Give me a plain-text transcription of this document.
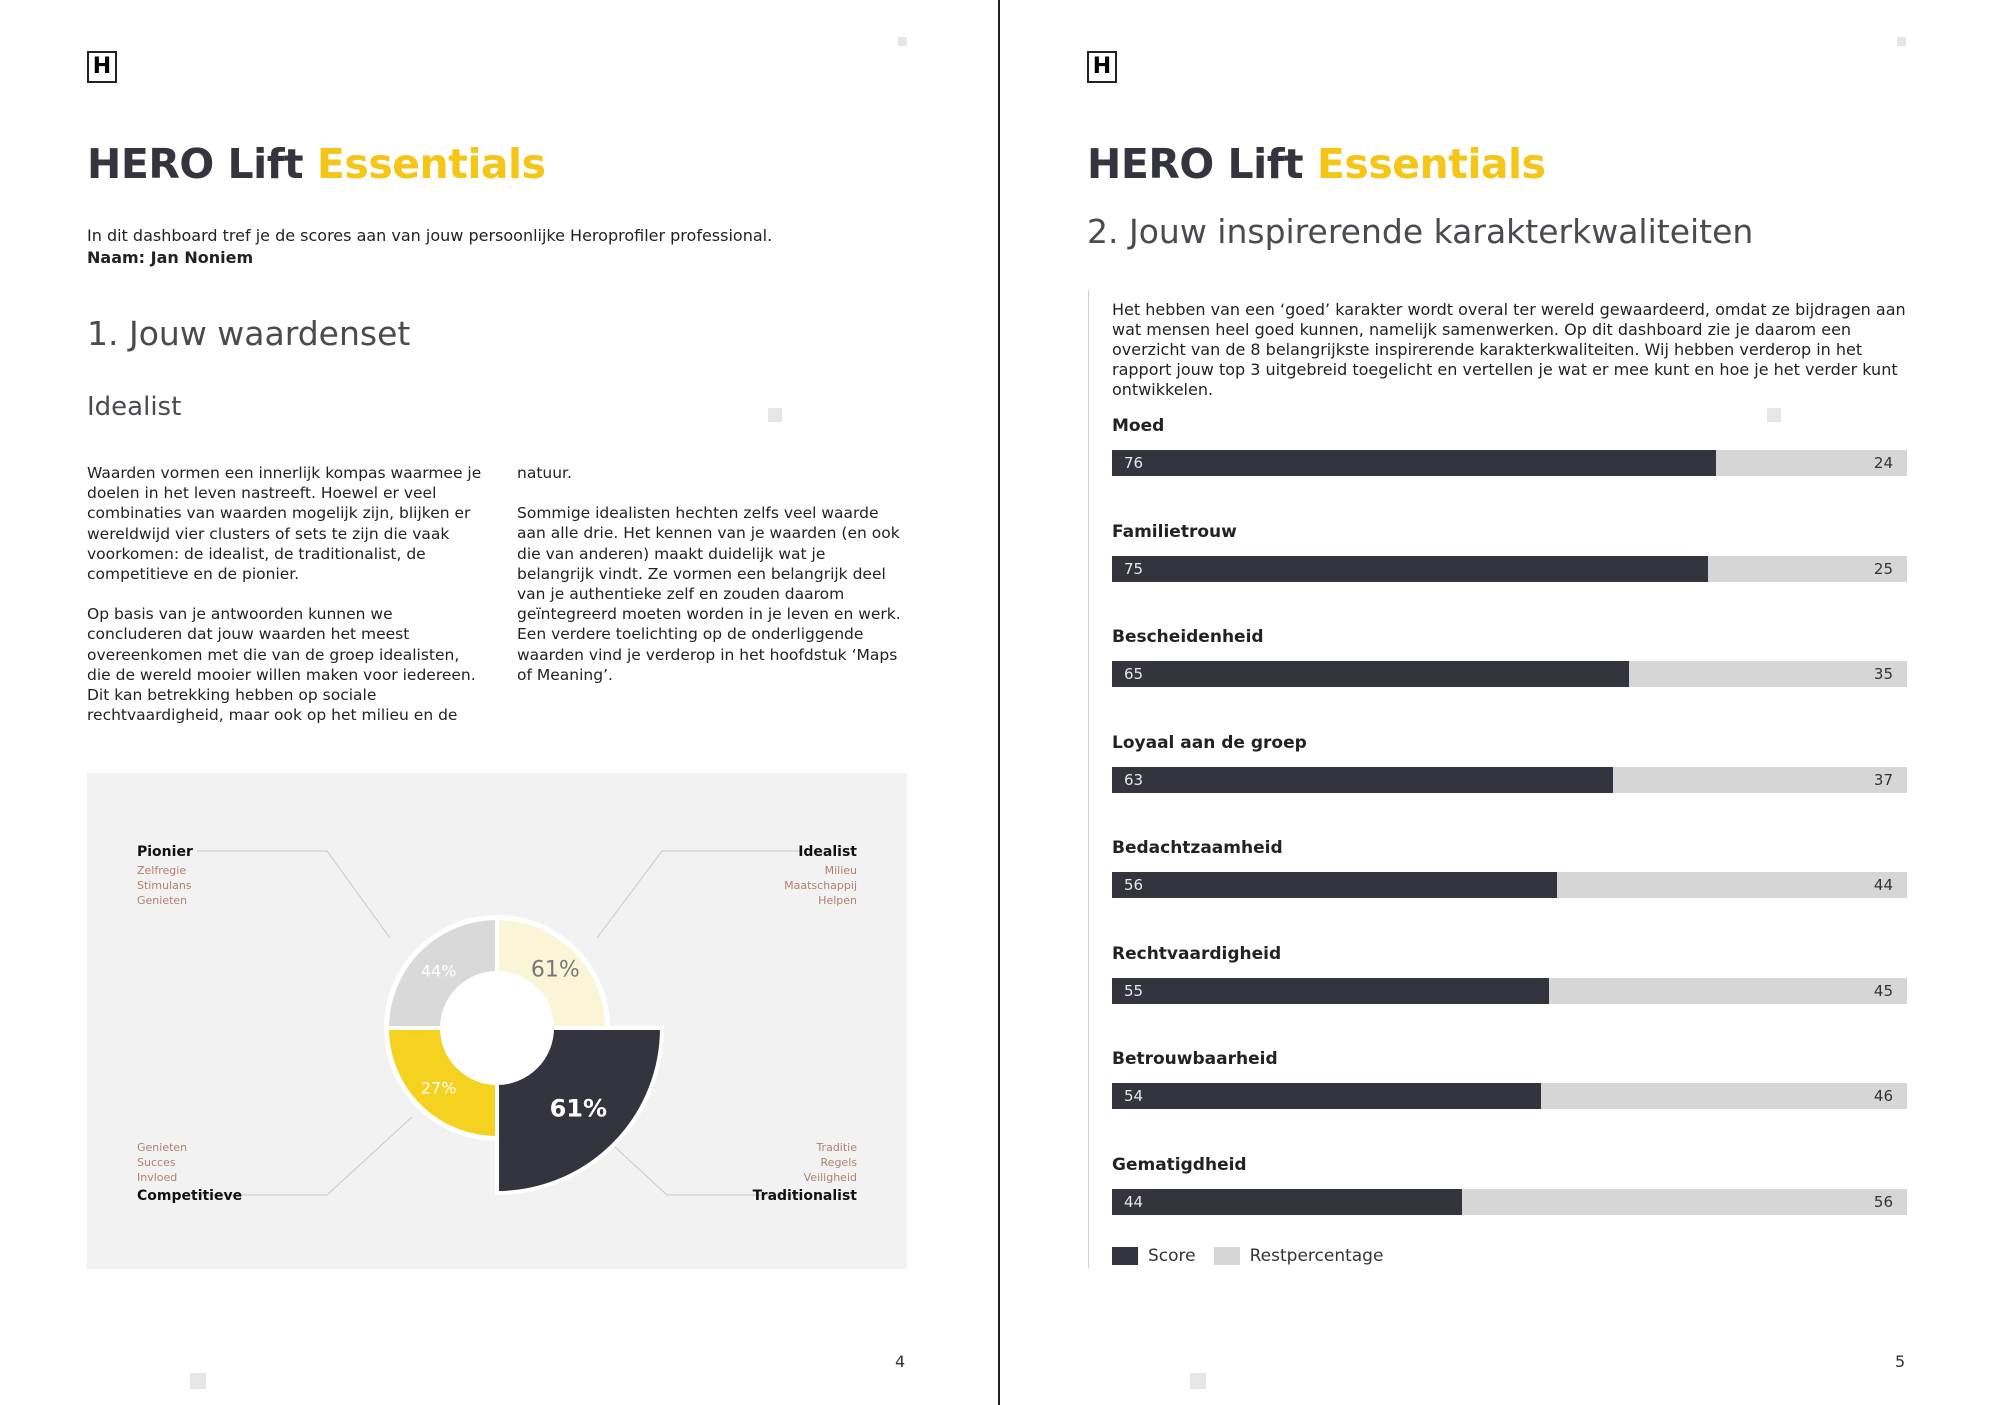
H
HERO Lift Essentials
In dit dashboard tref je de scores aan van jouw persoonlijke Heroprofiler professional.
Naam: Jan Noniem
1. Jouw waardenset
Idealist

Waarden vormen een innerlijk kompas waarmee je doelen in het leven nastreeft. Hoewel er veel combinaties van waarden mogelijk zijn, blijken er wereldwijd vier clusters of sets te zijn die vaak voorkomen: de idealist, de traditionalist, de competitieve en de pionier.

Op basis van je antwoorden kunnen we concluderen dat jouw waarden het meest overeenkomen met die van de groep idealisten, die de wereld mooier willen maken voor iedereen. Dit kan betrekking hebben op sociale rechtvaardigheid, maar ook op het milieu en de

natuur.

Sommige idealisten hechten zelfs veel waarde aan alle drie. Het kennen van je waarden (en ook die van anderen) maakt duidelijk wat je belangrijk vindt. Ze vormen een belangrijk deel van je authentieke zelf en zouden daarom geïntegreerd moeten worden in je leven en werk. Een verdere toelichting op de onderliggende waarden vind je verderop in het hoofdstuk ‘Maps of Meaning’.

61%
61%
27%
44%
Idealist
Milieu
Maatschappij
Helpen
Traditionalist
Traditie
Regels
Veiligheid
Competitieve
Genieten
Succes
Invloed
Pionier
Zelfregie
Stimulans
Genieten
4
H
HERO Lift Essentials
2. Jouw inspirerende karakterkwaliteiten
Het hebben van een ‘goed’ karakter wordt overal ter wereld gewaardeerd, omdat ze bijdragen aan wat mensen heel goed kunnen, namelijk samenwerken. Op dit dashboard zie je daarom een overzicht van de 8 belangrijkste inspirerende karakterkwaliteiten. Wij hebben verderop in het rapport jouw top 3 uitgebreid toegelicht en vertellen je wat er mee kunt en hoe je het verder kunt ontwikkelen.
Moed
76	24
Familietrouw
75	25
Bescheidenheid
65	35
Loyaal aan de groep
63	37
Bedachtzaamheid
56	44
Rechtvaardigheid
55	45
Betrouwbaarheid
54	46
Gematigdheid
44	56
Score	Restpercentage
5
